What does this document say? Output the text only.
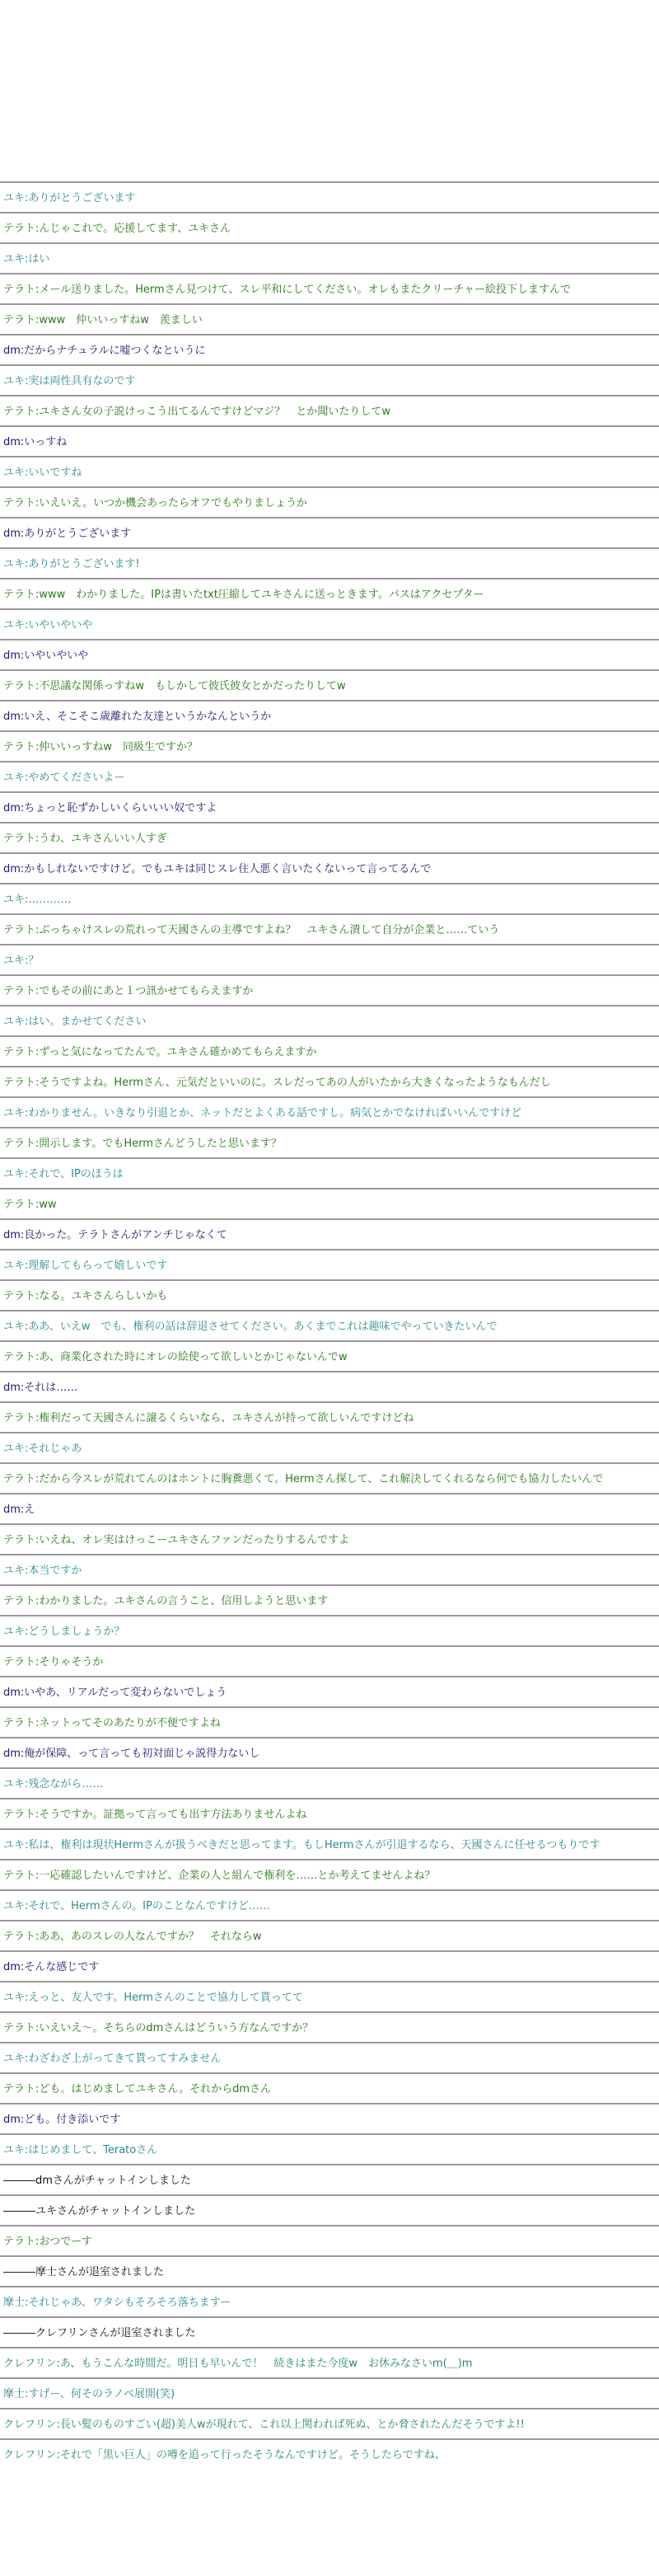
ユキ:ありがとうございます
テラト:んじゃこれで。応援してます、ユキさん
ユキ:はい
テラト:メール送りました。Hermさん見つけて、スレ平和にしてください。オレもまたクリーチャー絵投下しますんで
テラト:www　仲いいっすねw　羨ましい
dm:だからナチュラルに嘘つくなというに
ユキ:実は両性具有なのです
テラト:ユキさん女の子説けっこう出てるんですけどマジ？　とか聞いたりしてw
dm:いっすね
ユキ:いいですね
テラト:いえいえ。いつか機会あったらオフでもやりましょうか
dm:ありがとうございます
ユキ:ありがとうございます!
テラト:www　わかりました。IPは書いたtxt圧縮してユキさんに送っときます。パスはアクセプター
ユキ:いやいやいや
dm:いやいやいや
テラト:不思議な関係っすねw　もしかして彼氏彼女とかだったりしてw
dm:いえ、そこそこ歳離れた友達というかなんというか
テラト:仲いいっすねw　同級生ですか？
ユキ:やめてくださいよー
dm:ちょっと恥ずかしいくらいいい奴ですよ
テラト:うわ、ユキさんいい人すぎ
dm:かもしれないですけど。でもユキは同じスレ住人悪く言いたくないって言ってるんで
ユキ:…………
テラト:ぶっちゃけスレの荒れって天國さんの主導ですよね？　ユキさん潰して自分が企業と……ていう
ユキ:？
テラト:でもその前にあと１つ訊かせてもらえますか
ユキ:はい。まかせてください
テラト:ずっと気になってたんで。ユキさん確かめてもらえますか
テラト:そうですよね。Hermさん、元気だといいのに。スレだってあの人がいたから大きくなったようなもんだし
ユキ:わかりません。いきなり引退とか、ネットだとよくある話ですし。病気とかでなければいいんですけど
テラト:開示します。でもHermさんどうしたと思います？
ユキ:それで、IPのほうは
テラト:ww
dm:良かった。テラトさんがアンチじゃなくて
ユキ:理解してもらって嬉しいです
テラト:なる。ユキさんらしいかも
ユキ:ああ、いえw　でも、権利の話は辞退させてください。あくまでこれは趣味でやっていきたいんで
テラト:あ、商業化された時にオレの絵使って欲しいとかじゃないんでw
dm:それは……
テラト:権利だって天國さんに譲るくらいなら、ユキさんが持って欲しいんですけどね
ユキ:それじゃあ
テラト:だから今スレが荒れてんのはホントに胸糞悪くて。Hermさん探して、これ解決してくれるなら何でも協力したいんで
dm:え
テラト:いえね、オレ実はけっこーユキさんファンだったりするんですよ
ユキ:本当ですか
テラト:わかりました。ユキさんの言うこと、信用しようと思います
ユキ:どうしましょうか？
テラト:そりゃそうか
dm:いやあ、リアルだって変わらないでしょう
テラト:ネットってそのあたりが不便ですよね
dm:俺が保障、って言っても初対面じゃ説得力ないし
ユキ:残念ながら……
テラト:そうですか。証拠って言っても出す方法ありませんよね
ユキ:私は、権利は現状Hermさんが扱うべきだと思ってます。もしHermさんが引退するなら、天國さんに任せるつもりです
テラト:一応確認したいんですけど、企業の人と組んで権利を……とか考えてませんよね？
ユキ:それで、Hermさんの。IPのことなんですけど……
テラト:ああ、あのスレの人なんですか？　それならw
dm:そんな感じです
ユキ:えっと、友人です。Hermさんのことで協力して貰ってて
テラト:いえいえ～。そちらのdmさんはどういう方なんですか？
ユキ:わざわざ上がってきて貰ってすみません
テラト:ども。はじめましてユキさん。それからdmさん
dm:ども。付き添いです
ユキ:はじめまして、Teratoさん
―――dmさんがチャットインしました
―――ユキさんがチャットインしました
テラト:おつでーす
―――摩士さんが退室されました
摩士:それじゃあ、ワタシもそろそろ落ちますー
―――クレフリンさんが退室されました
クレフリン:あ、もうこんな時間だ。明日も早いんで！　続きはまた今度w　お休みなさいm(＿)m
摩士:すげー、何そのラノベ展開(笑)
クレフリン:長い髪のものすごい(超)美人wが現れて、これ以上関われば死ぬ、とか脅されたんだそうですよ!!
クレフリン:それで「黒い巨人」の噂を追って行ったそうなんですけど。そうしたらですね、
